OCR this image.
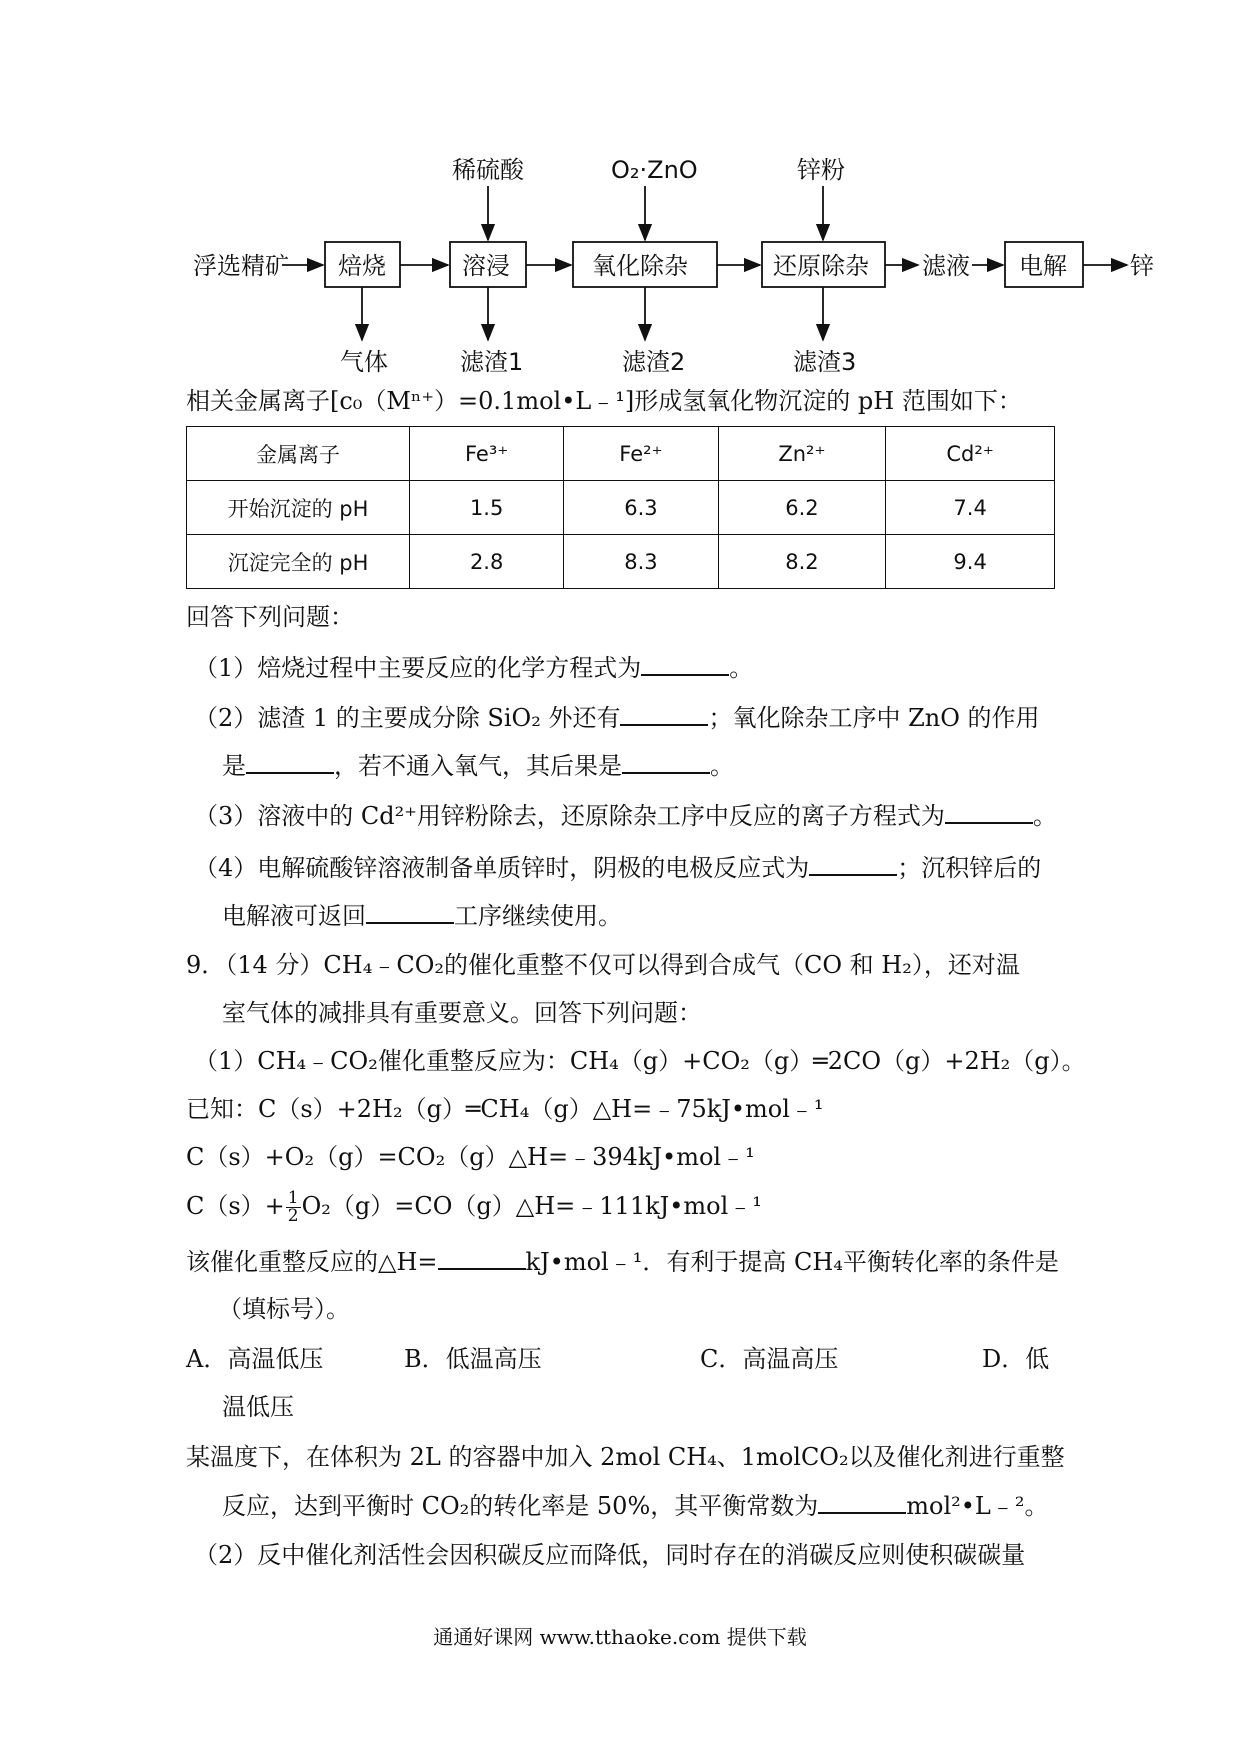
浮选精矿 焙烧	溶浸	氧化除杂	还原除杂 滤液 电解	锌
稀硫酸	O₂·ZnO	锌粉
气体	滤渣1	滤渣2	滤渣3
相关金属离子[c₀（Mⁿ⁺）=0.1mol•L﹣¹]形成氢氧化物沉淀的 pH 范围如下：
金属离子	Fe³⁺	Fe²⁺	Zn²⁺	Cd²⁺
开始沉淀的 pH	1.5	6.3	6.2	7.4
沉淀完全的 pH	2.8	8.3	8.2	9.4
回答下列问题：
（1）焙烧过程中主要反应的化学方程式为	。
（2）滤渣 1 的主要成分除 SiO₂ 外还有	；氧化除杂工序中 ZnO 的作用
是	，若不通入氧气，其后果是	。
（3）溶液中的 Cd²⁺用锌粉除去，还原除杂工序中反应的离子方程式为	。
（4）电解硫酸锌溶液制备单质锌时，阴极的电极反应式为	；沉积锌后的
电解液可返回	工序继续使用。
9．（14 分）CH₄﹣CO₂的催化重整不仅可以得到合成气（CO 和 H₂），还对温
室气体的减排具有重要意义。回答下列问题：
（1）CH₄﹣CO₂催化重整反应为：CH₄（g）+CO₂（g）═2CO（g）+2H₂（g）。
已知：C（s）+2H₂（g）═CH₄（g）△H=﹣75kJ•mol﹣¹
C（s）+O₂（g）=CO₂（g）△H=﹣394kJ•mol﹣¹
$C(s)+ \frac{1}{2}$ O₂（g）=CO（g）△H=﹣111kJ•mol﹣¹
该催化重整反应的△H=	kJ•mol﹣¹．有利于提高 CH₄平衡转化率的条件是
（填标号）。
A．高温低压	B．低温高压	C．高温高压	D．低
温低压
某温度下，在体积为 2L 的容器中加入 2mol CH₄、1molCO₂以及催化剂进行重整
反应，达到平衡时 CO₂的转化率是 50%，其平衡常数为	mol²•L﹣²。
（2）反中催化剂活性会因积碳反应而降低，同时存在的消碳反应则使积碳碳量
通通好课网 www.tthaoke.com 提供下载
